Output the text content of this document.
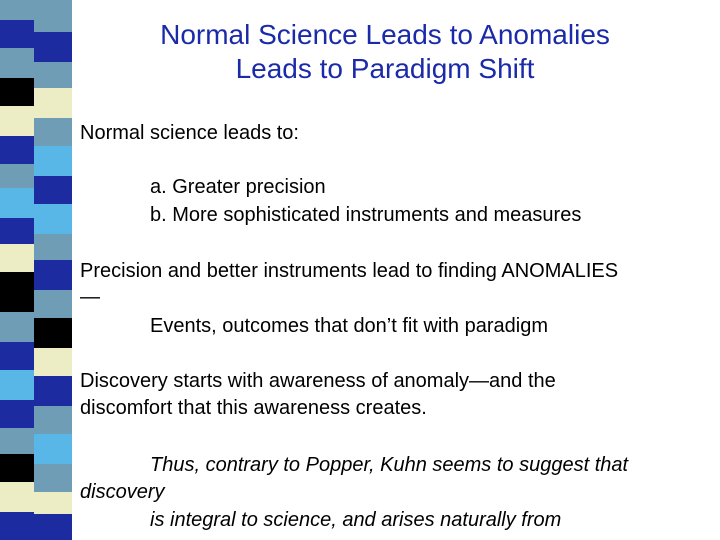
Normal Science Leads to Anomalies
Leads to Paradigm Shift
Normal science leads to:
a. Greater precision
b. More sophisticated instruments and measures
Precision and better instruments lead to finding ANOMALIES
—
Events, outcomes that don’t fit with paradigm
Discovery starts with awareness of anomaly—and the
discomfort that this awareness creates.
Thus, contrary to Popper, Kuhn seems to suggest that
discovery
is integral to science, and arises naturally from
